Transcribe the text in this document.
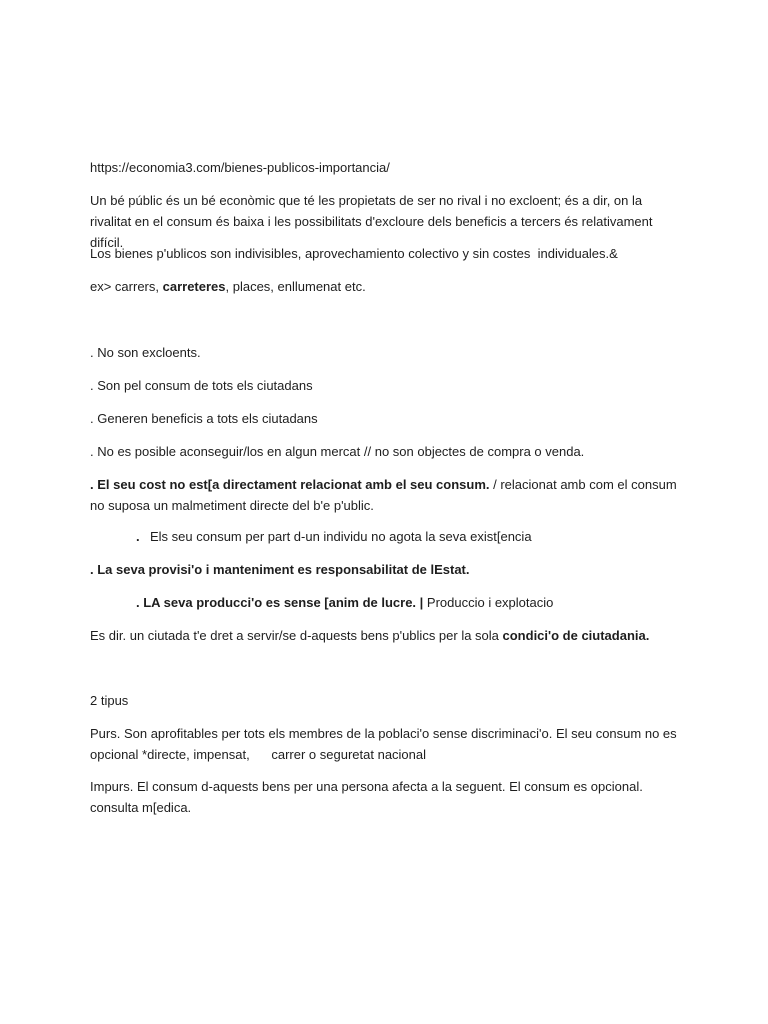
https://economia3.com/bienes-publicos-importancia/

Un bé públic és un bé econòmic que té les propietats de ser no rival i no excloent; és a dir, on la rivalitat en el consum és baixa i les possibilitats d'excloure dels beneficis a tercers és relativament difícil.

Los bienes p'ublicos son indivisibles, aprovechamiento colectivo y sin costes  individuales.&

ex> carrers, carreteres, places, enllumenat etc.

. No son excloents.

. Son pel consum de tots els ciutadans

. Generen beneficis a tots els ciutadans

. No es posible aconseguir/los en algun mercat // no son objectes de compra o venda.

. El seu cost no est[a directament relacionat amb el seu consum. / relacionat amb com el consum no suposa un malmetiment directe del b'e p'ublic.

. Els seu consum per part d-un individu no agota la seva exist[encia

. La seva provisi'o i manteniment es responsabilitat de lEstat.

. LA seva producci'o es sense [anim de lucre. | Produccio i explotacio

Es dir. un ciutada t'e dret a servir/se d-aquests bens p'ublics per la sola condici'o de ciutadania.

2 tipus

Purs. Son aprofitables per tots els membres de la poblaci'o sense discriminaci'o. El seu consum no es opcional *directe, impensat,      carrer o seguretat nacional

Impurs. El consum d-aquests bens per una persona afecta a la seguent. El consum es opcional.  consulta m[edica.
